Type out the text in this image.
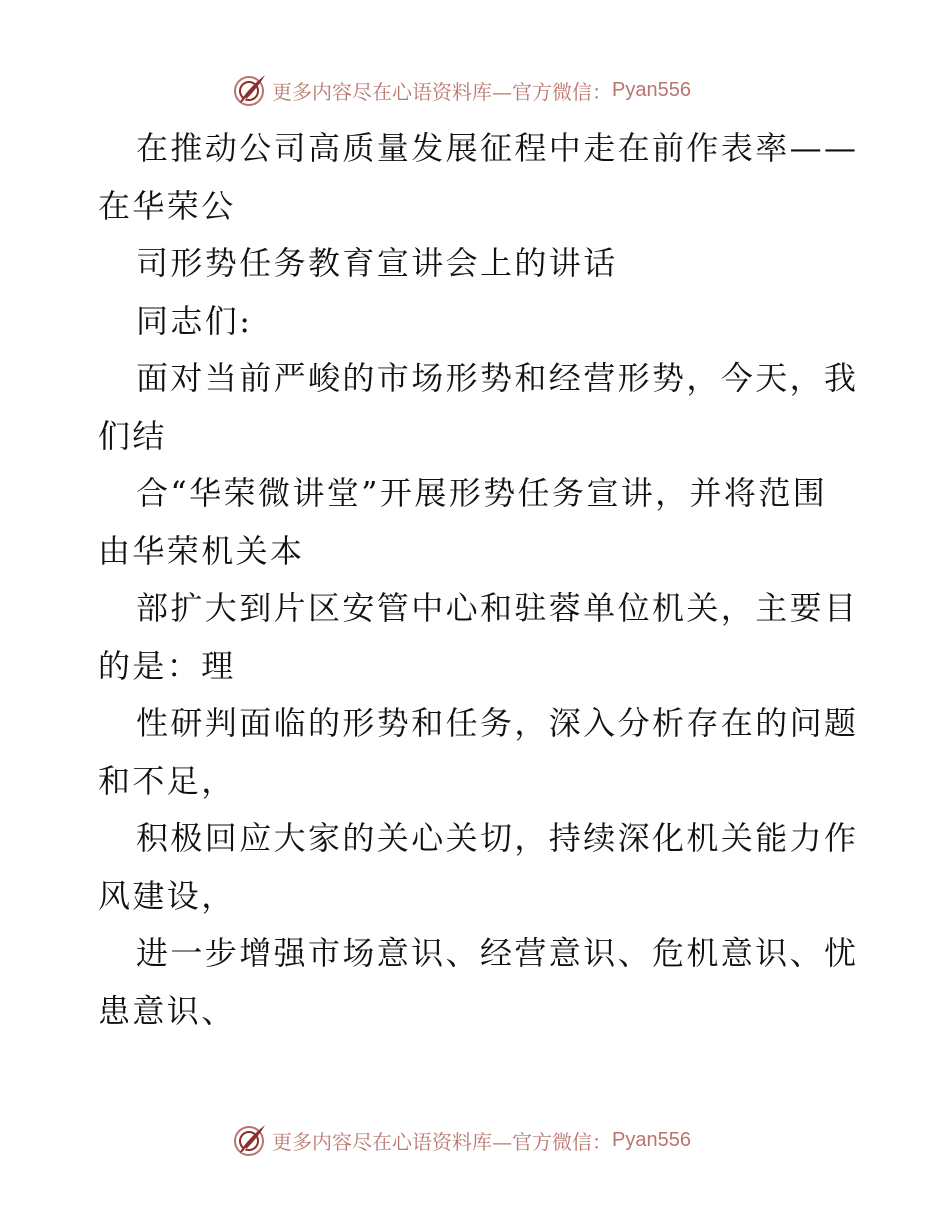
更多内容尽在心语资料库—官方微信： Pyan556

在推动公司高质量发展征程中走在前作表率——

在华荣公

司形势任务教育宣讲会上的讲话

同志们:

面对当前严峻的市场形势和经营形势，今天，我

们结

合“华荣微讲堂”开展形势任务宣讲，并将范围

由华荣机关本

部扩大到片区安管中心和驻蓉单位机关，主要目

的是：理

性研判面临的形势和任务，深入分析存在的问题

和不足，

积极回应大家的关心关切，持续深化机关能力作

风建设，

进一步增强市场意识、经营意识、危机意识、忧

患意识、

更多内容尽在心语资料库—官方微信： Pyan556
